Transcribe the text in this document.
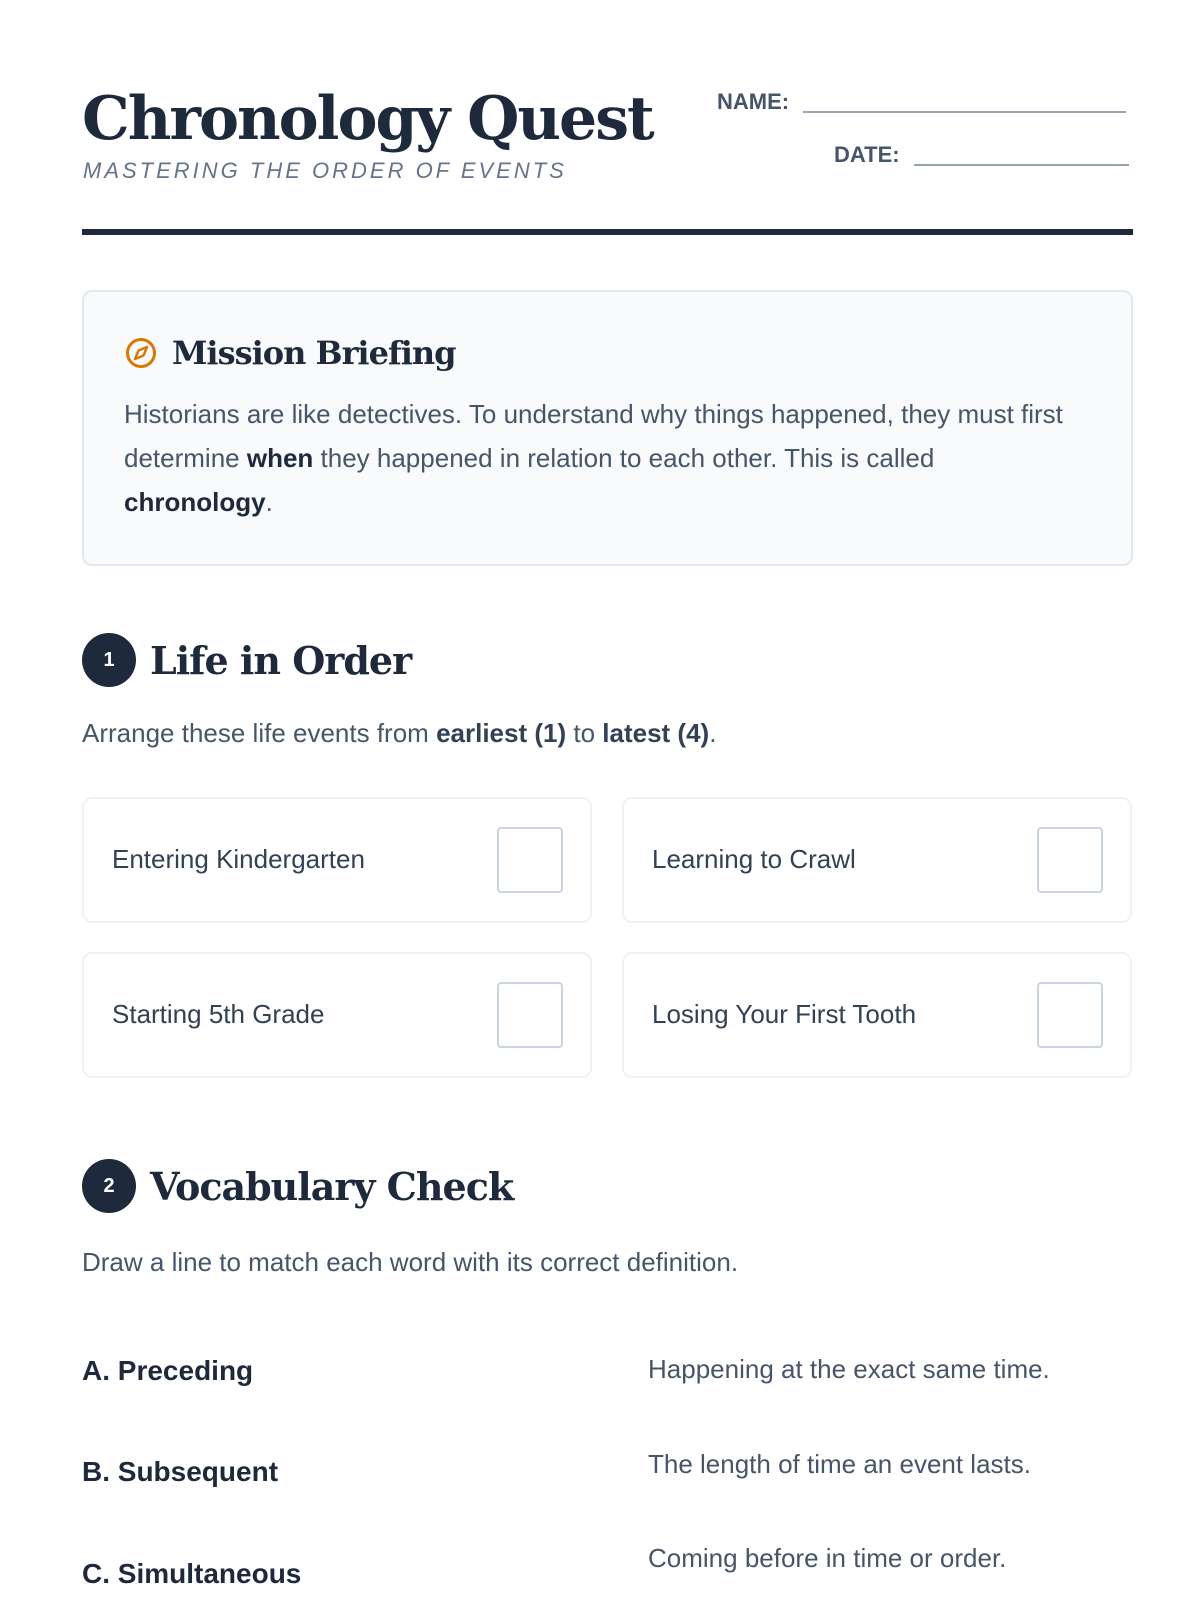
Chronology Quest
MASTERING THE ORDER OF EVENTS
NAME:
DATE:
Mission Briefing

Historians are like detectives. To understand why things happened, they must first determine when they happened in relation to each other. This is called chronology.

1 Life in Order

Arrange these life events from earliest (1) to latest (4).

Entering Kindergarten	Learning to Crawl
Starting 5th Grade	Losing Your First Tooth
2 Vocabulary Check

Draw a line to match each word with its correct definition.

A. Preceding
B. Subsequent
C. Simultaneous
Happening at the exact same time.
The length of time an event lasts.
Coming before in time or order.
